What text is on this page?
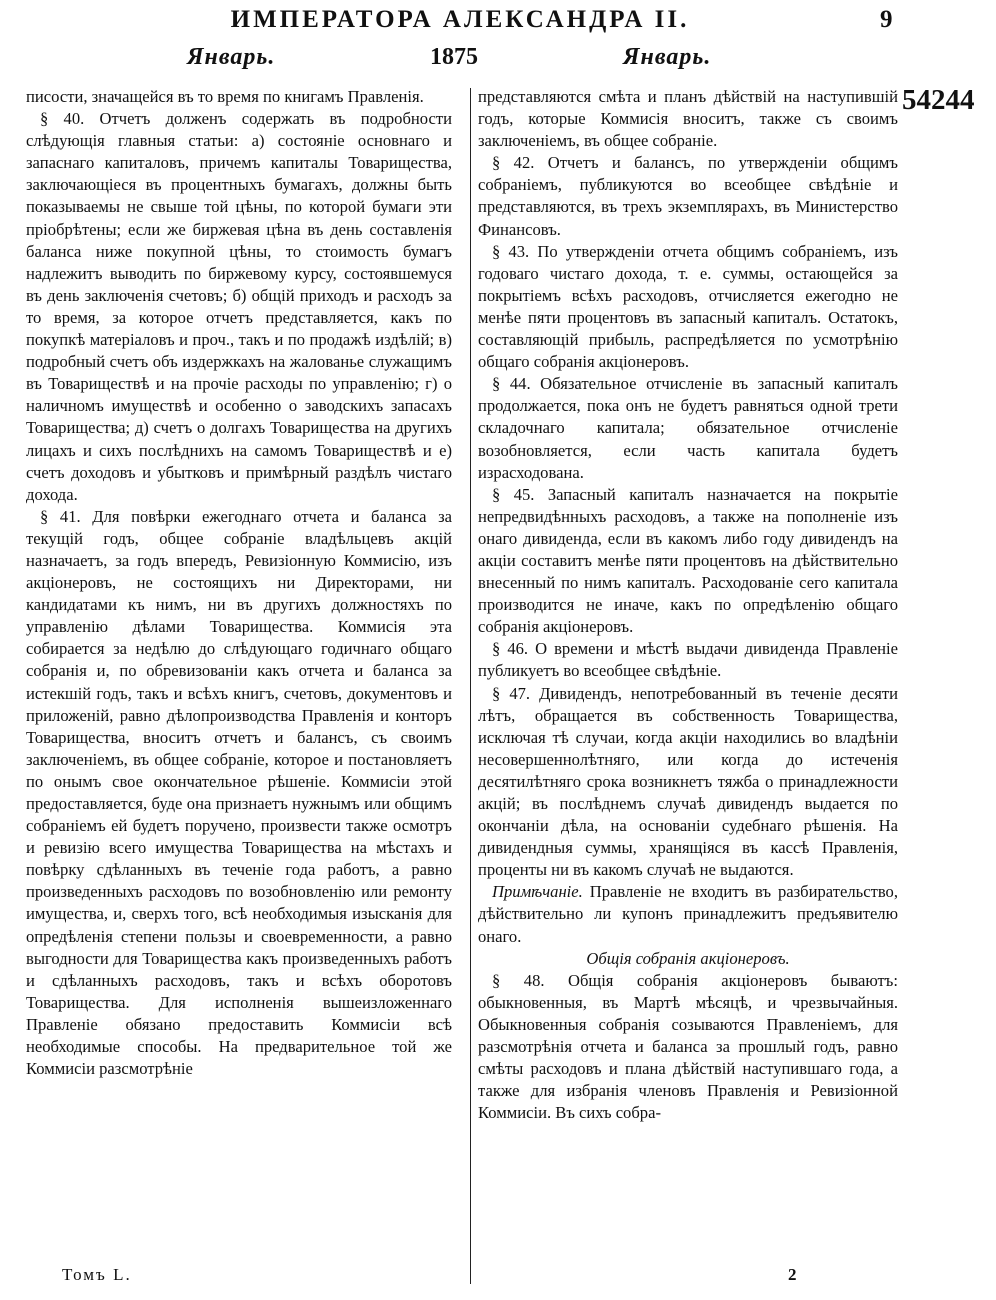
ИМПЕРАТОРА АЛЕКСАНДРА II.	9
Январь.	1875	Январь.
54244

писости, значащейся въ то время по книгамъ Правленія.

§ 40. Отчетъ долженъ содержать въ подробности слѣдующія главныя статьи: а) состояніе основнаго и запаснаго капиталовъ, причемъ капиталы Товарищества, заключающіеся въ процентныхъ бумагахъ, должны быть показываемы не свыше той цѣны, по которой бумаги эти пріобрѣтены; если же биржевая цѣна въ день составленія баланса ниже покупной цѣны, то стоимость бумагъ надлежитъ выводить по биржевому курсу, состоявшемуся въ день заключенія счетовъ; б) общій приходъ и расходъ за то время, за которое отчетъ представляется, какъ по покупкѣ матеріаловъ и проч., такъ и по продажѣ издѣлій; в) подробный счетъ объ издержкахъ на жалованье служащимъ въ Товариществѣ и на прочіе расходы по управленію; г) о наличномъ имуществѣ и особенно о заводскихъ запасахъ Товарищества; д) счетъ о долгахъ Товарищества на другихъ лицахъ и сихъ послѣднихъ на самомъ Товариществѣ и е) счетъ доходовъ и убытковъ и примѣрный раздѣлъ чистаго дохода.

§ 41. Для повѣрки ежегоднаго отчета и баланса за текущій годъ, общее собраніе владѣльцевъ акцій назначаетъ, за годъ впередъ, Ревизіонную Коммисію, изъ акціонеровъ, не состоящихъ ни Директорами, ни кандидатами къ нимъ, ни въ другихъ должностяхъ по управленію дѣлами Товарищества. Коммисія эта собирается за недѣлю до слѣдующаго годичнаго общаго собранія и, по обревизованіи какъ отчета и баланса за истекшій годъ, такъ и всѣхъ книгъ, счетовъ, документовъ и приложеній, равно дѣлопроизводства Правленія и конторъ Товарищества, вноситъ отчетъ и балансъ, съ своимъ заключеніемъ, въ общее собраніе, которое и постановляетъ по онымъ свое окончательное рѣшеніе. Коммисіи этой предоставляется, буде она признаетъ нужнымъ или общимъ собраніемъ ей будетъ поручено, произвести также осмотръ и ревизію всего имущества Товарищества на мѣстахъ и повѣрку сдѣланныхъ въ теченіе года работъ, а равно произведенныхъ расходовъ по возобновленію или ремонту имущества, и, сверхъ того, всѣ необходимыя изысканія для опредѣленія степени пользы и своевременности, а равно выгодности для Товарищества какъ произведенныхъ работъ и сдѣланныхъ расходовъ, такъ и всѣхъ оборотовъ Товарищества. Для исполненія вышеизложеннаго Правленіе обязано предоставить Коммисіи всѣ необходимые способы. На предварительное той же Коммисіи разсмотрѣніе

представляются смѣта и планъ дѣйствій на наступившій годъ, которые Коммисія вноситъ, также съ своимъ заключеніемъ, въ общее собраніе.

§ 42. Отчетъ и балансъ, по утвержденіи общимъ собраніемъ, публикуются во всеобщее свѣдѣніе и представляются, въ трехъ экземплярахъ, въ Министерство Финансовъ.

§ 43. По утвержденіи отчета общимъ собраніемъ, изъ годоваго чистаго дохода, т. е. суммы, остающейся за покрытіемъ всѣхъ расходовъ, отчисляется ежегодно не менѣе пяти процентовъ въ запасный капиталъ. Остатокъ, составляющій прибыль, распредѣляется по усмотрѣнію общаго собранія акціонеровъ.

§ 44. Обязательное отчисленіе въ запасный капиталъ продолжается, пока онъ не будетъ равняться одной трети складочнаго капитала; обязательное отчисленіе возобновляется, если часть капитала будетъ израсходована.

§ 45. Запасный капиталъ назначается на покрытіе непредвидѣнныхъ расходовъ, а также на пополненіе изъ онаго дивиденда, если въ какомъ либо году дивидендъ на акціи составитъ менѣе пяти процентовъ на дѣйствительно внесенный по нимъ капиталъ. Расходованіе сего капитала производится не иначе, какъ по опредѣленію общаго собранія акціонеровъ.

§ 46. О времени и мѣстѣ выдачи дивиденда Правленіе публикуетъ во всеобщее свѣдѣніе.

§ 47. Дивидендъ, непотребованный въ теченіе десяти лѣтъ, обращается въ собственность Товарищества, исключая тѣ случаи, когда акціи находились во владѣніи несовершеннолѣтняго, или когда до истеченія десятилѣтняго срока возникнетъ тяжба о принадлежности акцій; въ послѣднемъ случаѣ дивидендъ выдается по окончаніи дѣла, на основаніи судебнаго рѣшенія. На дивидендныя суммы, хранящіяся въ кассѣ Правленія, проценты ни въ какомъ случаѣ не выдаются.

Примѣчаніе. Правленіе не входитъ въ разбирательство, дѣйствительно ли купонъ принадлежитъ предъявителю онаго.

Общія собранія акціонеровъ.

§ 48. Общія собранія акціонеровъ бываютъ: обыкновенныя, въ Мартѣ мѣсяцѣ, и чрезвычайныя. Обыкновенныя собранія созываются Правленіемъ, для разсмотрѣнія отчета и баланса за прошлый годъ, равно смѣты расходовъ и плана дѣйствій наступившаго года, а также для избранія членовъ Правленія и Ревизіонной Коммисіи. Въ сихъ собра-

Томъ L.	2
